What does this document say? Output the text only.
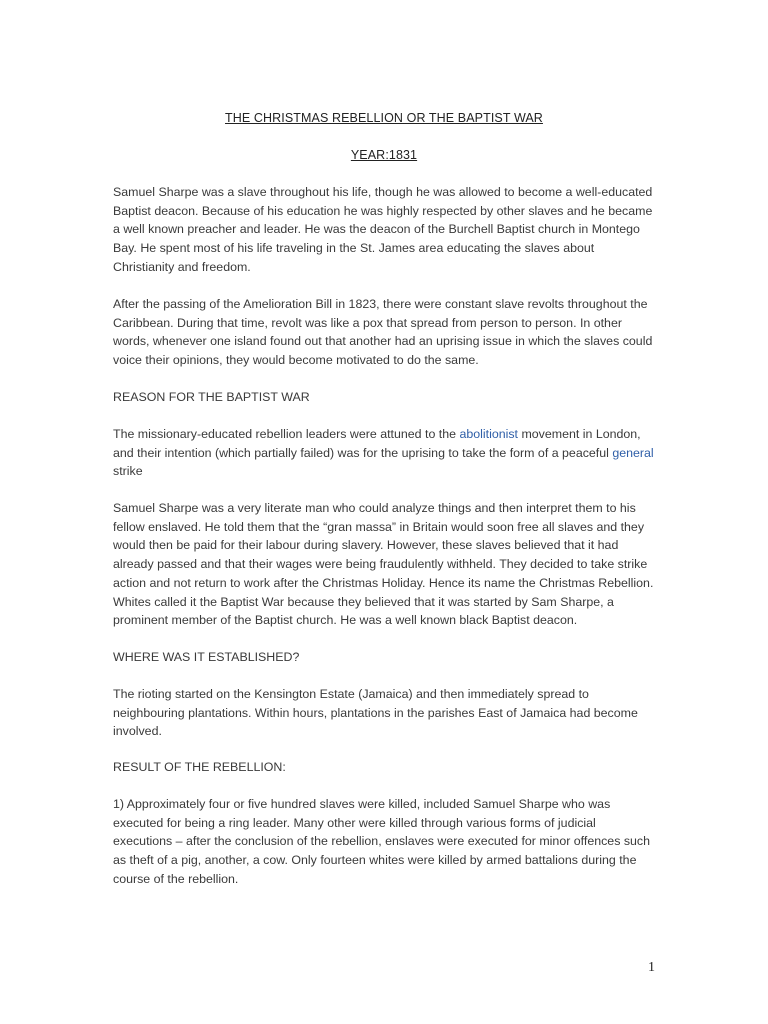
THE CHRISTMAS REBELLION OR THE BAPTIST WAR
YEAR:1831
Samuel Sharpe was a slave throughout his life, though he was allowed to become a well-educated Baptist deacon. Because of his education he was highly respected by other slaves and he became a well known preacher and leader. He was the deacon of the Burchell Baptist church in Montego Bay. He spent most of his life traveling in the St. James area educating the slaves about Christianity and freedom.
After the passing of the Amelioration Bill in 1823, there were constant slave revolts throughout the Caribbean. During that time, revolt was like a pox that spread from person to person. In other words, whenever one island found out that another had an uprising issue in which the slaves could voice their opinions, they would become motivated to do the same.
REASON FOR THE BAPTIST WAR
The missionary-educated rebellion leaders were attuned to the abolitionist movement in London, and their intention (which partially failed) was for the uprising to take the form of a peaceful general strike
Samuel Sharpe was a very literate man who could analyze things and then interpret them to his fellow enslaved. He told them that the “gran massa” in Britain would soon free all slaves and they would then be paid for their labour during slavery. However, these slaves believed that it had already passed and that their wages were being fraudulently withheld. They decided to take strike action and not return to work after the Christmas Holiday. Hence its name the Christmas Rebellion. Whites called it the Baptist War because they believed that it was started by Sam Sharpe, a prominent member of the Baptist church. He was a well known black Baptist deacon.
WHERE WAS IT ESTABLISHED?
The rioting started on the Kensington Estate (Jamaica) and then immediately spread to neighbouring plantations. Within hours, plantations in the parishes East of Jamaica had become involved.
RESULT OF THE REBELLION:
1) Approximately four or five hundred slaves were killed, included Samuel Sharpe who was executed for being a ring leader. Many other were killed through various forms of judicial executions – after the conclusion of the rebellion, enslaves were executed for minor offences such as theft of a pig, another, a cow. Only fourteen whites were killed by armed battalions during the course of the rebellion.
1
